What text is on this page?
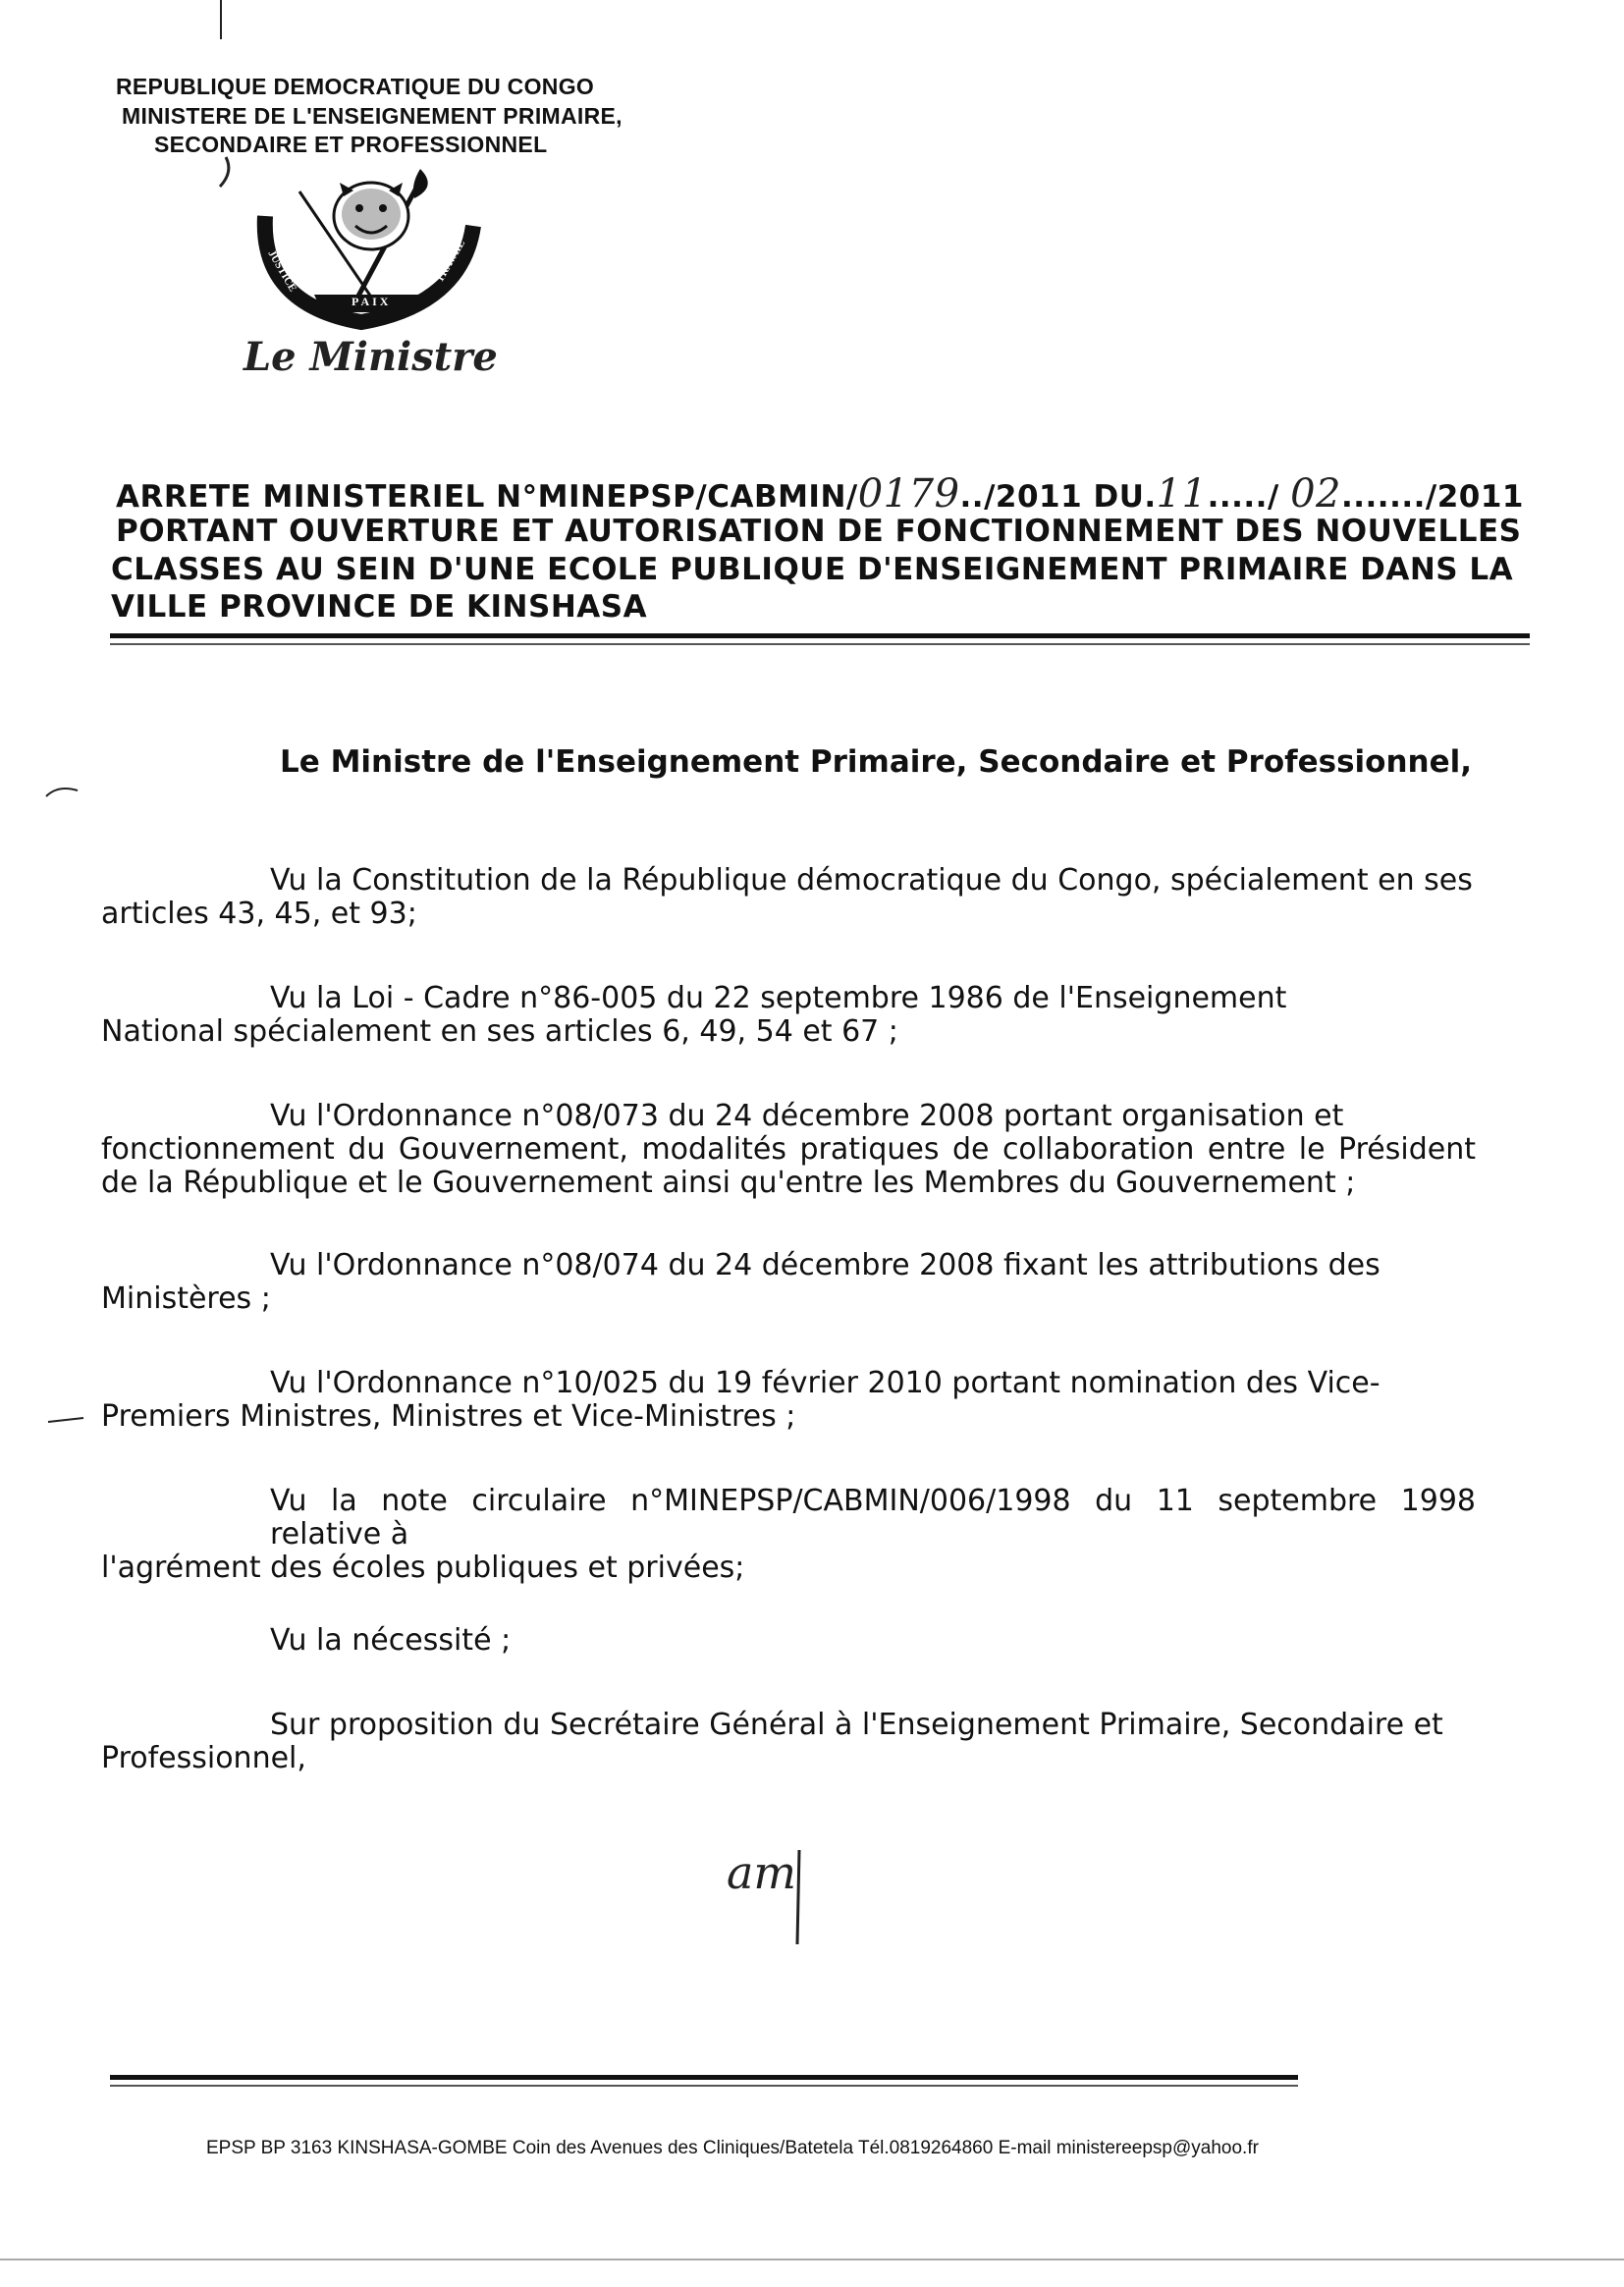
REPUBLIQUE DEMOCRATIQUE DU CONGO
MINISTERE DE L'ENSEIGNEMENT PRIMAIRE,
SECONDAIRE ET PROFESSIONNEL
JUSTICE
PAIX
TRAVAIL
Le Ministre
ARRETE MINISTERIEL N°MINEPSP/CABMIN/0179../2011 DU.11...../ 02......./2011
PORTANT OUVERTURE ET AUTORISATION DE FONCTIONNEMENT DES NOUVELLES
CLASSES AU SEIN D'UNE ECOLE PUBLIQUE D'ENSEIGNEMENT PRIMAIRE DANS LA
VILLE PROVINCE DE KINSHASA
Le Ministre de l'Enseignement Primaire, Secondaire et Professionnel,
Vu la Constitution de la République démocratique du Congo, spécialement en ses
articles 43, 45, et 93;
Vu la Loi - Cadre n°86-005 du 22 septembre 1986 de l'Enseignement
National spécialement en ses articles 6, 49, 54 et 67 ;
Vu l'Ordonnance n°08/073 du 24 décembre 2008 portant organisation et
fonctionnement du Gouvernement, modalités pratiques de collaboration entre le Président de la République et le Gouvernement ainsi qu'entre les Membres du Gouvernement ;
Vu l'Ordonnance n°08/074 du 24 décembre 2008 fixant les attributions des
Ministères ;
Vu l'Ordonnance n°10/025 du 19 février 2010 portant nomination des Vice-
Premiers Ministres, Ministres et Vice-Ministres ;
Vu la note circulaire n°MINEPSP/CABMIN/006/1998 du 11 septembre 1998 relative à
l'agrément des écoles publiques et privées;
Vu la nécessité ;
Sur proposition du Secrétaire Général à l'Enseignement Primaire, Secondaire et
Professionnel,
am
EPSP BP 3163 KINSHASA-GOMBE Coin des Avenues des Cliniques/Batetela Tél.0819264860 E-mail ministereepsp@yahoo.fr
